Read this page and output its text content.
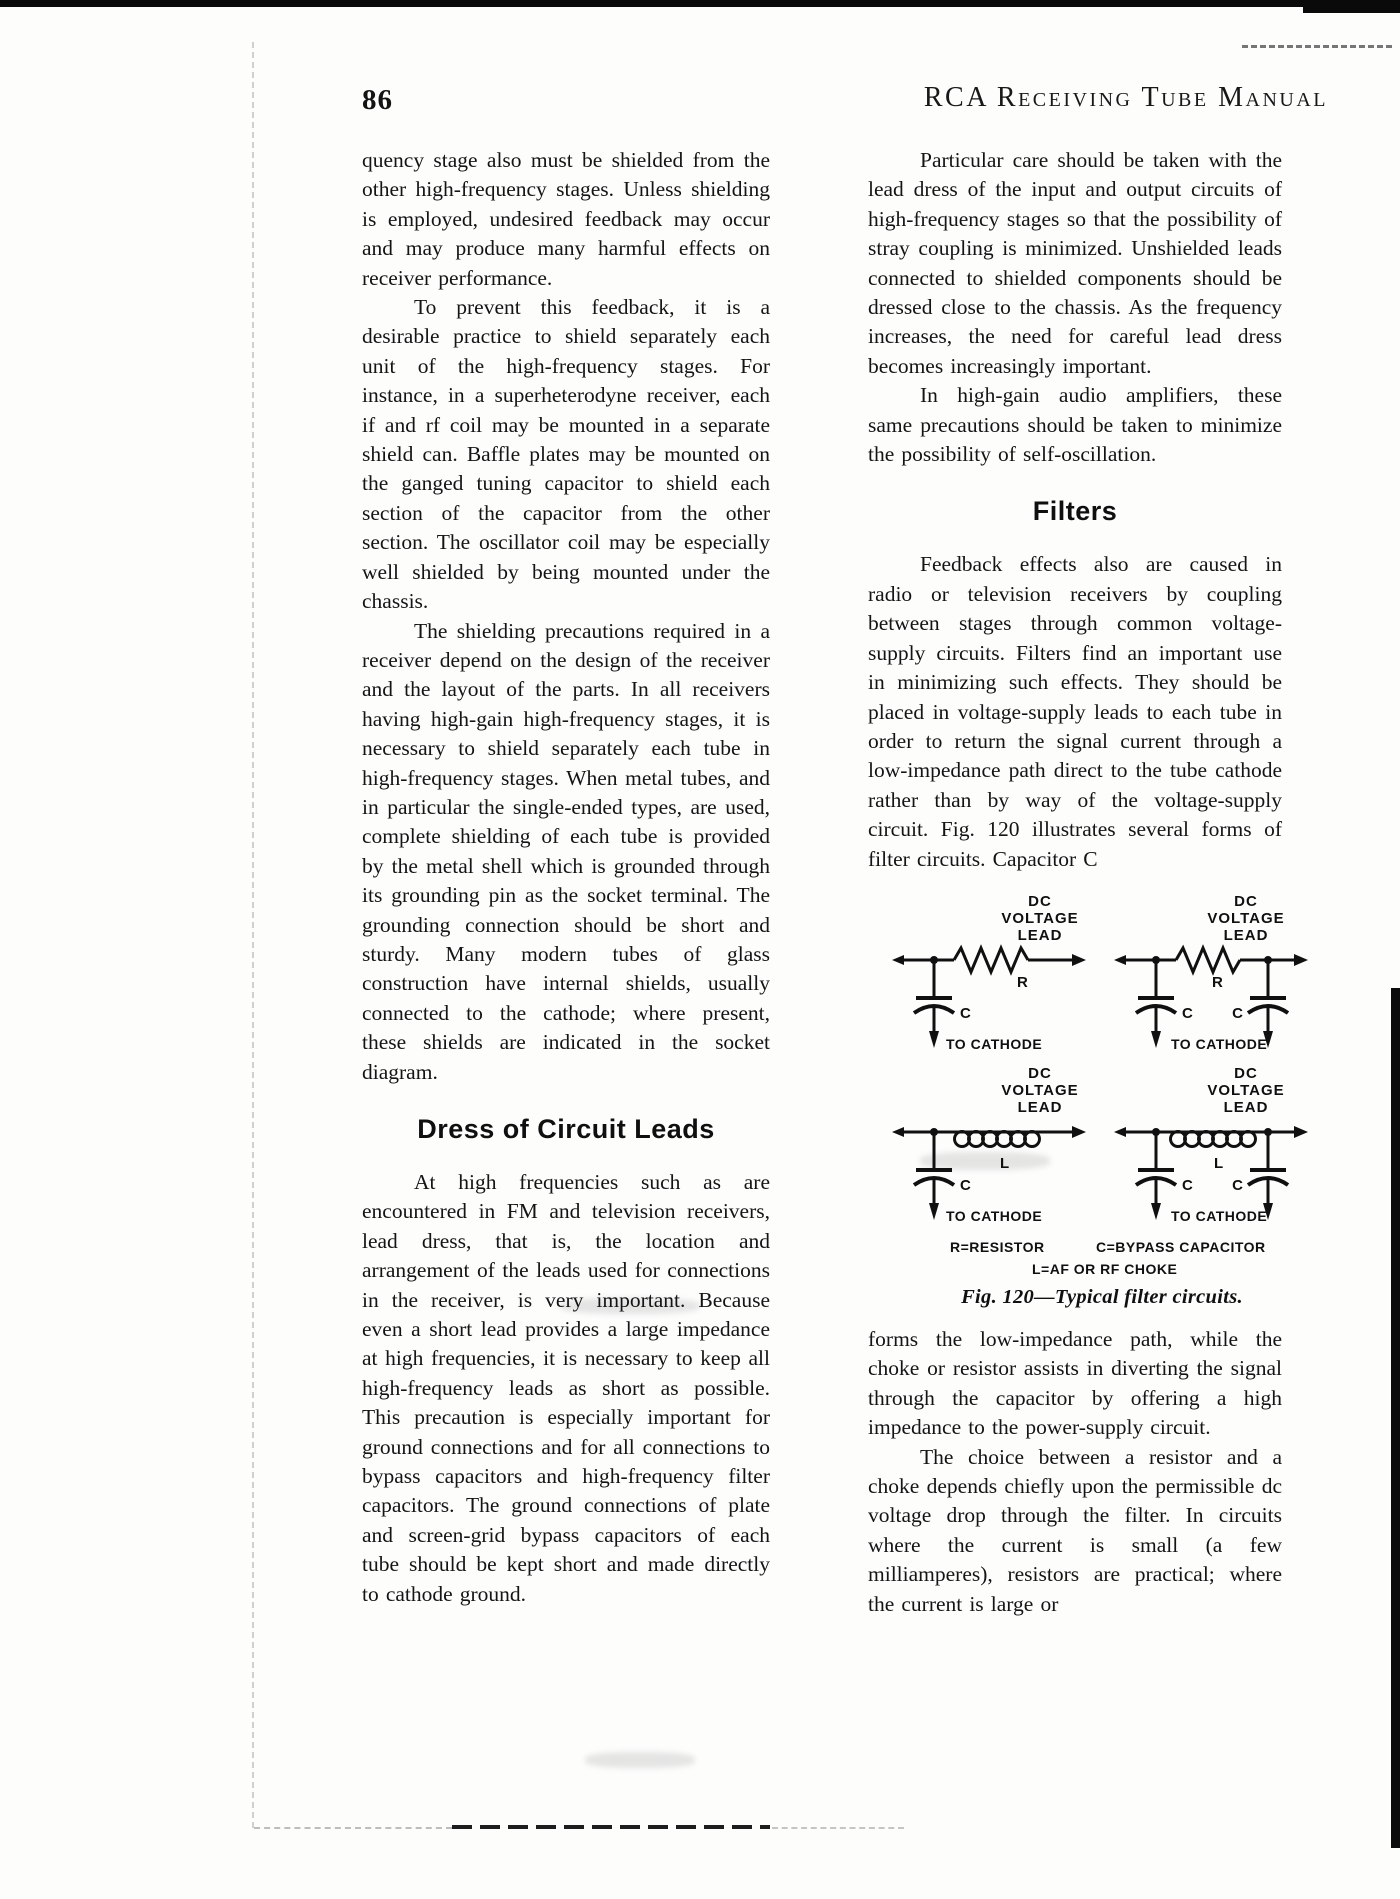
86	RCA Receiving Tube Manual

quency stage also must be shielded from the other high-frequency stages. Unless shielding is employed, undesired feedback may occur and may produce many harmful effects on receiver performance.

To prevent this feedback, it is a desirable practice to shield separately each unit of the high-frequency stages. For instance, in a superheterodyne receiver, each if and rf coil may be mounted in a separate shield can. Baffle plates may be mounted on the ganged tuning capacitor to shield each section of the capacitor from the other section. The oscillator coil may be especially well shielded by being mounted under the chassis.

The shielding precautions required in a receiver depend on the design of the receiver and the layout of the parts. In all receivers having high-gain high-frequency stages, it is necessary to shield separately each tube in high-frequency stages. When metal tubes, and in particular the single-ended types, are used, complete shielding of each tube is provided by the metal shell which is grounded through its grounding pin as the socket terminal. The grounding connection should be short and sturdy. Many modern tubes of glass construction have internal shields, usually connected to the cathode; where present, these shields are indicated in the socket diagram.

Dress of Circuit Leads

At high frequencies such as are encountered in FM and television receivers, lead dress, that is, the location and arrangement of the leads used for connections in the receiver, is very important. Because even a short lead provides a large impedance at high frequencies, it is necessary to keep all high-frequency leads as short as possible. This precaution is especially important for ground connections and for all connections to bypass capacitors and high-frequency filter capacitors. The ground connections of plate and screen-grid bypass capacitors of each tube should be kept short and made directly to cathode ground.

Particular care should be taken with the lead dress of the input and output circuits of high-frequency stages so that the possibility of stray coupling is minimized. Unshielded leads connected to shielded components should be dressed close to the chassis. As the frequency increases, the need for careful lead dress becomes increasingly important.

In high-gain audio amplifiers, these same precautions should be taken to minimize the possibility of self-oscillation.

Filters

Feedback effects also are caused in radio or television receivers by coupling between stages through common voltage-supply circuits. Filters find an important use in minimizing such effects. They should be placed in voltage-supply leads to each tube in order to return the signal current through a low-impedance path direct to the tube cathode rather than by way of the voltage-supply circuit. Fig. 120 illustrates several forms of filter circuits. Capacitor C

DC
VOLTAGE
LEAD
R
C
TO CATHODE
DC
VOLTAGE
LEAD
R
C	C
TO CATHODE
DC
VOLTAGE
LEAD
L
C
TO CATHODE
DC
VOLTAGE
LEAD
L
C	C
TO CATHODE
R=RESISTOR	C=BYPASS CAPACITOR
L=AF OR RF CHOKE
Fig. 120—Typical filter circuits.

forms the low-impedance path, while the choke or resistor assists in diverting the signal through the capacitor by offering a high impedance to the power-supply circuit.

The choice between a resistor and a choke depends chiefly upon the permissible dc voltage drop through the filter. In circuits where the current is small (a few milliamperes), resistors are practical; where the current is large or
